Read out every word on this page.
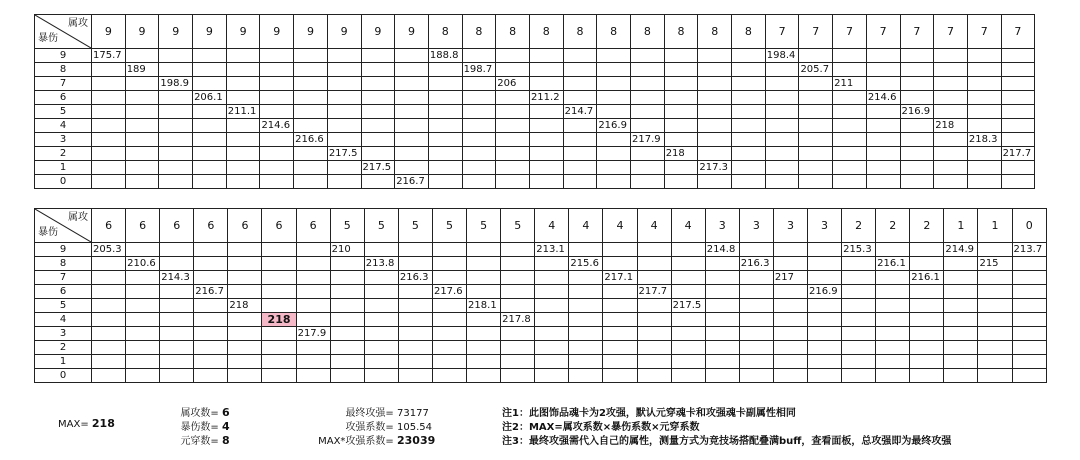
属攻
暴伤	9	9	9	9	9	9	9	9	9	9	8	8	8	8	8	8	8	8	8	8	7	7	7	7	7	7	7	7
9	175.7										188.8										198.4							
8		189										198.7										205.7						
7			198.9										206										211					
6				206.1										211.2										214.6				
5					211.1										214.7										216.9			
4						214.6										216.9										218		
3							216.6										217.9										218.3	
2								217.5										218										217.7
1									217.5										217.3									
0										216.7																		
属攻
暴伤	6	6	6	6	6	6	6	5	5	5	5	5	5	4	4	4	4	4	3	3	3	3	2	2	2	1	1	0
9	205.3							210						213.1					214.8				215.3			214.9		213.7
8		210.6							213.8						215.6					216.3				216.1			215	
7			214.3							216.3						217.1					217				216.1			
6				216.7							217.6						217.7					216.9						
5					218							218.1						217.5										
4						218							217.8															
3							217.9																					
2																												
1																												
0																												
MAX= 218
属攻数= 6
暴伤数= 4
元穿数= 8
最终攻强= 73177
攻强系数= 105.54
MAX*攻强系数= 23039
注1：此图饰品魂卡为2攻强，默认元穿魂卡和攻强魂卡副属性相同
注2：MAX=属攻系数×暴伤系数×元穿系数
注3：最终攻强需代入自己的属性，测量方式为竞技场搭配叠满buff，查看面板，总攻强即为最终攻强
